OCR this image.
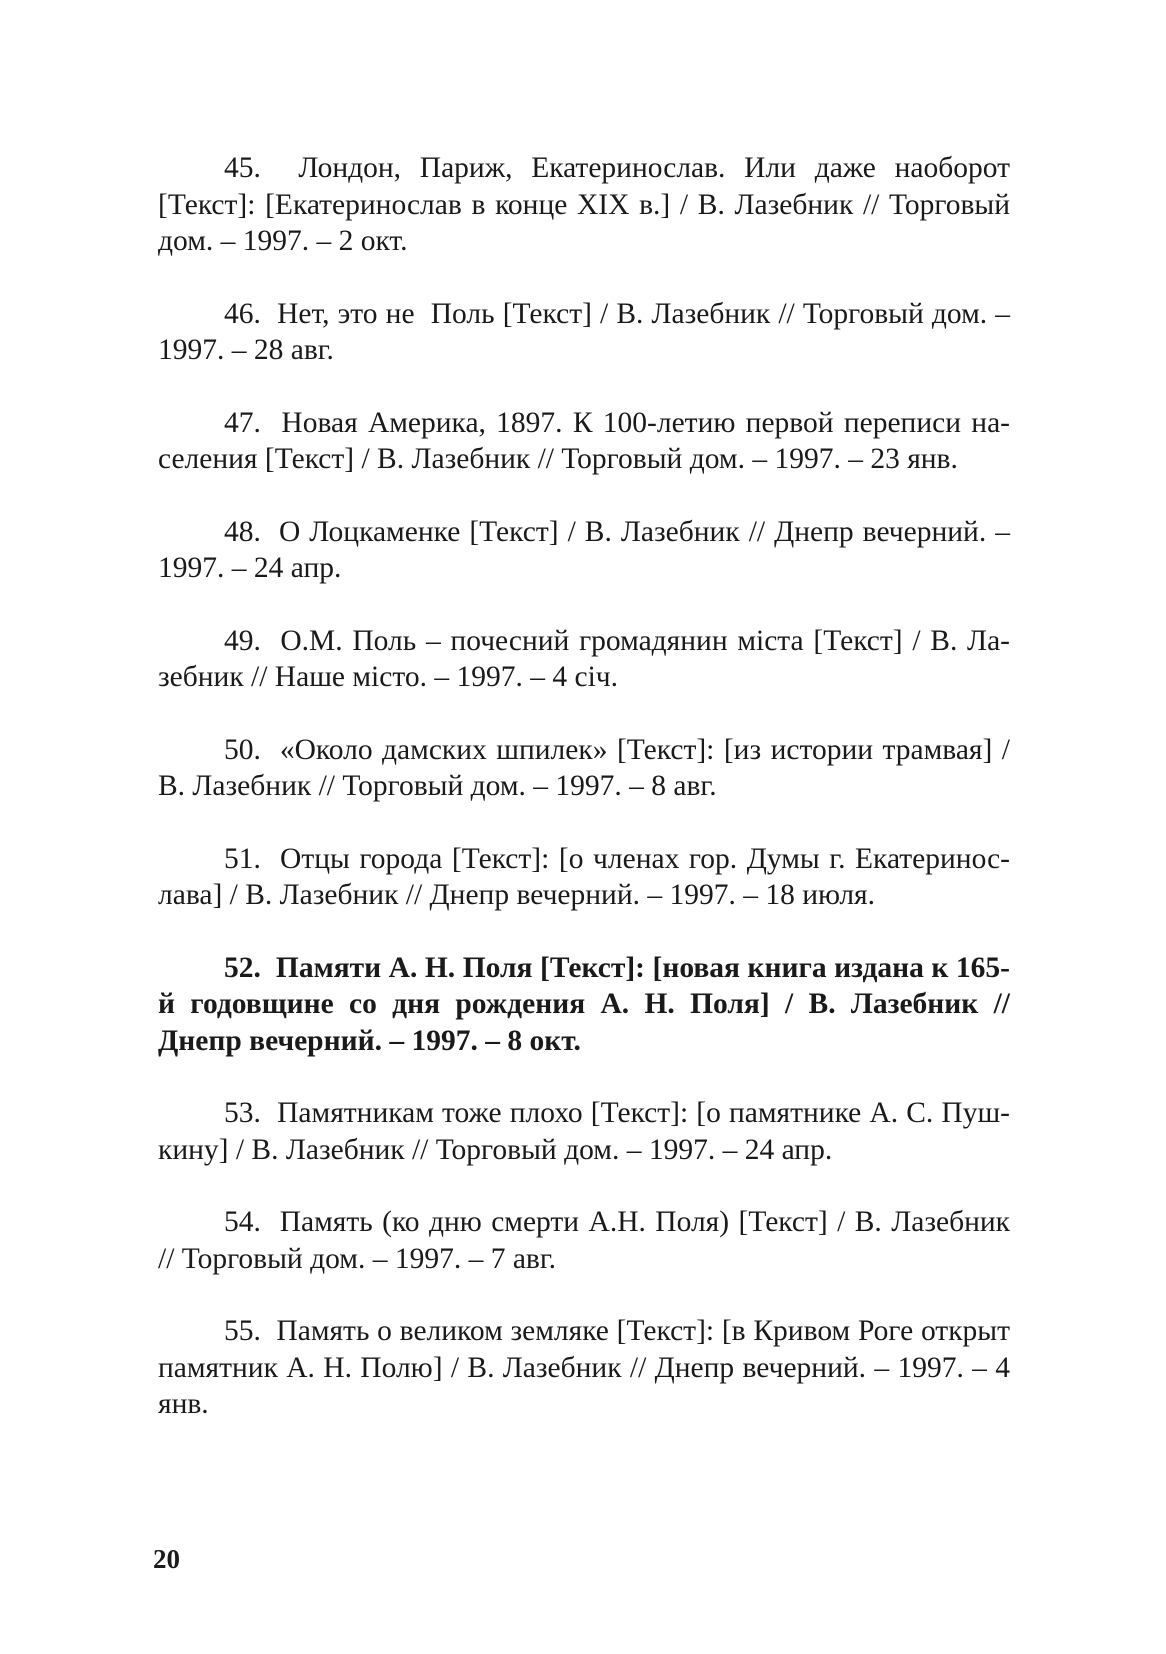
45.  Лондон, Париж, Екатеринослав. Или даже наоборот [Текст]: [Екатеринослав в конце XIX в.] / В. Лазебник // Торговый дом. – 1997. – 2 окт.

46.  Нет, это не  Поль [Текст] / В. Лазебник // Торговый дом. – 1997. – 28 авг.

47.  Новая Америка, 1897. К 100-летию первой переписи населения [Текст] / В. Лазебник // Торговый дом. – 1997. – 23 янв.

48.  О Лоцкаменке [Текст] / В. Лазебник // Днепр вечерний. – 1997. – 24 апр.

49.  О.М. Поль – почесний громадянин міста [Текст] / В. Лазебник // Наше місто. – 1997. – 4 січ.

50.  «Около дамских шпилек» [Текст]: [из истории трамвая] / В. Лазебник // Торговый дом. – 1997. – 8 авг.

51.  Отцы города [Текст]: [о членах гор. Думы г. Екатеринослава] / В. Лазебник // Днепр вечерний. – 1997. – 18 июля.

52.  Памяти А. Н. Поля [Текст]: [новая книга издана к 165-й годовщине со дня рождения А. Н. Поля] / В. Лазебник // Днепр вечерний. – 1997. – 8 окт.

53.  Памятникам тоже плохо [Текст]: [о памятнике А. С. Пушкину] / В. Лазебник // Торговый дом. – 1997. – 24 апр.

54.  Память (ко дню смерти А.Н. Поля) [Текст] / В. Лазебник // Торговый дом. – 1997. – 7 авг.

55.  Память о великом земляке [Текст]: [в Кривом Роге открыт памятник А. Н. Полю] / В. Лазебник // Днепр вечерний. – 1997. – 4 янв.

20
